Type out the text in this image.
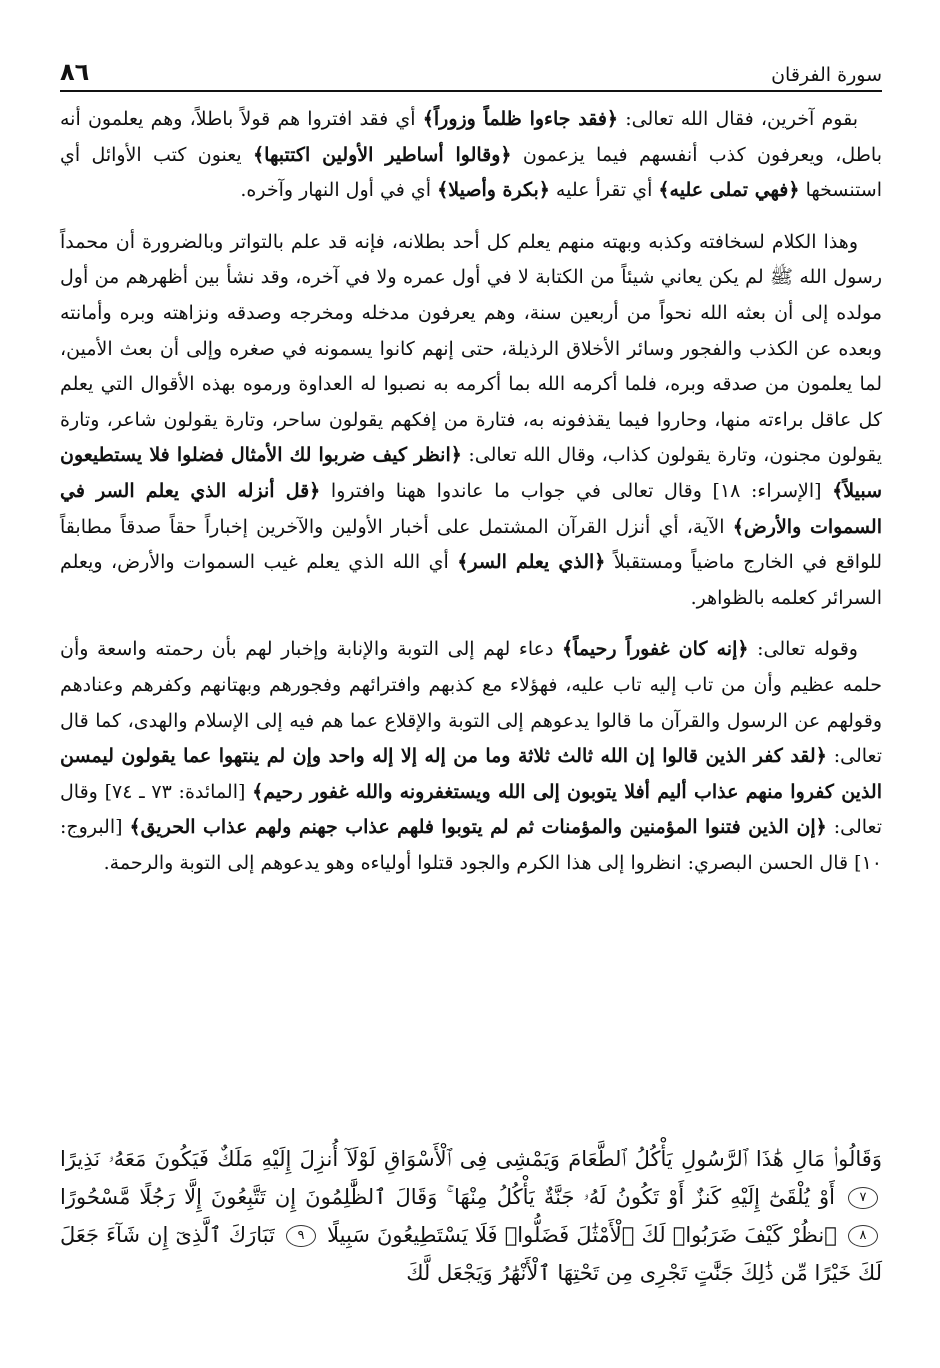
سورة الفرقان
٨٦

بقوم آخرين، فقال الله تعالى: ﴿فقد جاءوا ظلماً وزوراً﴾ أي فقد افتروا هم قولاً باطلاً، وهم يعلمون أنه باطل، ويعرفون كذب أنفسهم فيما يزعمون ﴿وقالوا أساطير الأولين اكتتبها﴾ يعنون كتب الأوائل أي استنسخها ﴿فهي تملى عليه﴾ أي تقرأ عليه ﴿بكرة وأصيلا﴾ أي في أول النهار وآخره.

وهذا الكلام لسخافته وكذبه وبهته منهم يعلم كل أحد بطلانه، فإنه قد علم بالتواتر وبالضرورة أن محمداً رسول الله ﷺ لم يكن يعاني شيئاً من الكتابة لا في أول عمره ولا في آخره، وقد نشأ بين أظهرهم من أول مولده إلى أن بعثه الله نحواً من أربعين سنة، وهم يعرفون مدخله ومخرجه وصدقه ونزاهته وبره وأمانته وبعده عن الكذب والفجور وسائر الأخلاق الرذيلة، حتى إنهم كانوا يسمونه في صغره وإلى أن بعث الأمين، لما يعلمون من صدقه وبره، فلما أكرمه الله بما أكرمه به نصبوا له العداوة ورموه بهذه الأقوال التي يعلم كل عاقل براءته منها، وحاروا فيما يقذفونه به، فتارة من إفكهم يقولون ساحر، وتارة يقولون شاعر، وتارة يقولون مجنون، وتارة يقولون كذاب، وقال الله تعالى: ﴿انظر كيف ضربوا لك الأمثال فضلوا فلا يستطيعون سبيلاً﴾ [الإسراء: ١٨] وقال تعالى في جواب ما عاندوا ههنا وافتروا ﴿قل أنزله الذي يعلم السر في السموات والأرض﴾ الآية، أي أنزل القرآن المشتمل على أخبار الأولين والآخرين إخباراً حقاً صدقاً مطابقاً للواقع في الخارج ماضياً ومستقبلاً ﴿الذي يعلم السر﴾ أي الله الذي يعلم غيب السموات والأرض، ويعلم السرائر كعلمه بالظواهر.

وقوله تعالى: ﴿إنه كان غفوراً رحيماً﴾ دعاء لهم إلى التوبة والإنابة وإخبار لهم بأن رحمته واسعة وأن حلمه عظيم وأن من تاب إليه تاب عليه، فهؤلاء مع كذبهم وافترائهم وفجورهم وبهتانهم وكفرهم وعنادهم وقولهم عن الرسول والقرآن ما قالوا يدعوهم إلى التوبة والإقلاع عما هم فيه إلى الإسلام والهدى، كما قال تعالى: ﴿لقد كفر الذين قالوا إن الله ثالث ثلاثة وما من إله إلا إله واحد وإن لم ينتهوا عما يقولون ليمسن الذين كفروا منهم عذاب أليم أفلا يتوبون إلى الله ويستغفرونه والله غفور رحيم﴾ [المائدة: ٧٣ ـ ٧٤] وقال تعالى: ﴿إن الذين فتنوا المؤمنين والمؤمنات ثم لم يتوبوا فلهم عذاب جهنم ولهم عذاب الحريق﴾ [البروج: ١٠] قال الحسن البصري: انظروا إلى هذا الكرم والجود قتلوا أولياءه وهو يدعوهم إلى التوبة والرحمة.

وَقَالُوا۟ مَالِ هَٰذَا ٱلرَّسُولِ يَأْكُلُ ٱلطَّعَامَ وَيَمْشِى فِى ٱلْأَسْوَاقِ لَوْلَآ أُنزِلَ إِلَيْهِ مَلَكٌ فَيَكُونَ مَعَهُۥ نَذِيرًا ٧ أَوْ يُلْقَىٰٓ إِلَيْهِ كَنزٌ أَوْ تَكُونُ لَهُۥ جَنَّةٌ يَأْكُلُ مِنْهَا ۚ وَقَالَ ٱلظَّٰلِمُونَ إِن تَتَّبِعُونَ إِلَّا رَجُلًا مَّسْحُورًا ٨ ٱنظُرْ كَيْفَ ضَرَبُوا۟ لَكَ ٱلْأَمْثَٰلَ فَضَلُّوا۟ فَلَا يَسْتَطِيعُونَ سَبِيلًا ٩ تَبَارَكَ ٱلَّذِىٓ إِن شَآءَ جَعَلَ لَكَ خَيْرًا مِّن ذَٰلِكَ جَنَّٰتٍ تَجْرِى مِن تَحْتِهَا ٱلْأَنْهَٰرُ وَيَجْعَل لَّكَ
